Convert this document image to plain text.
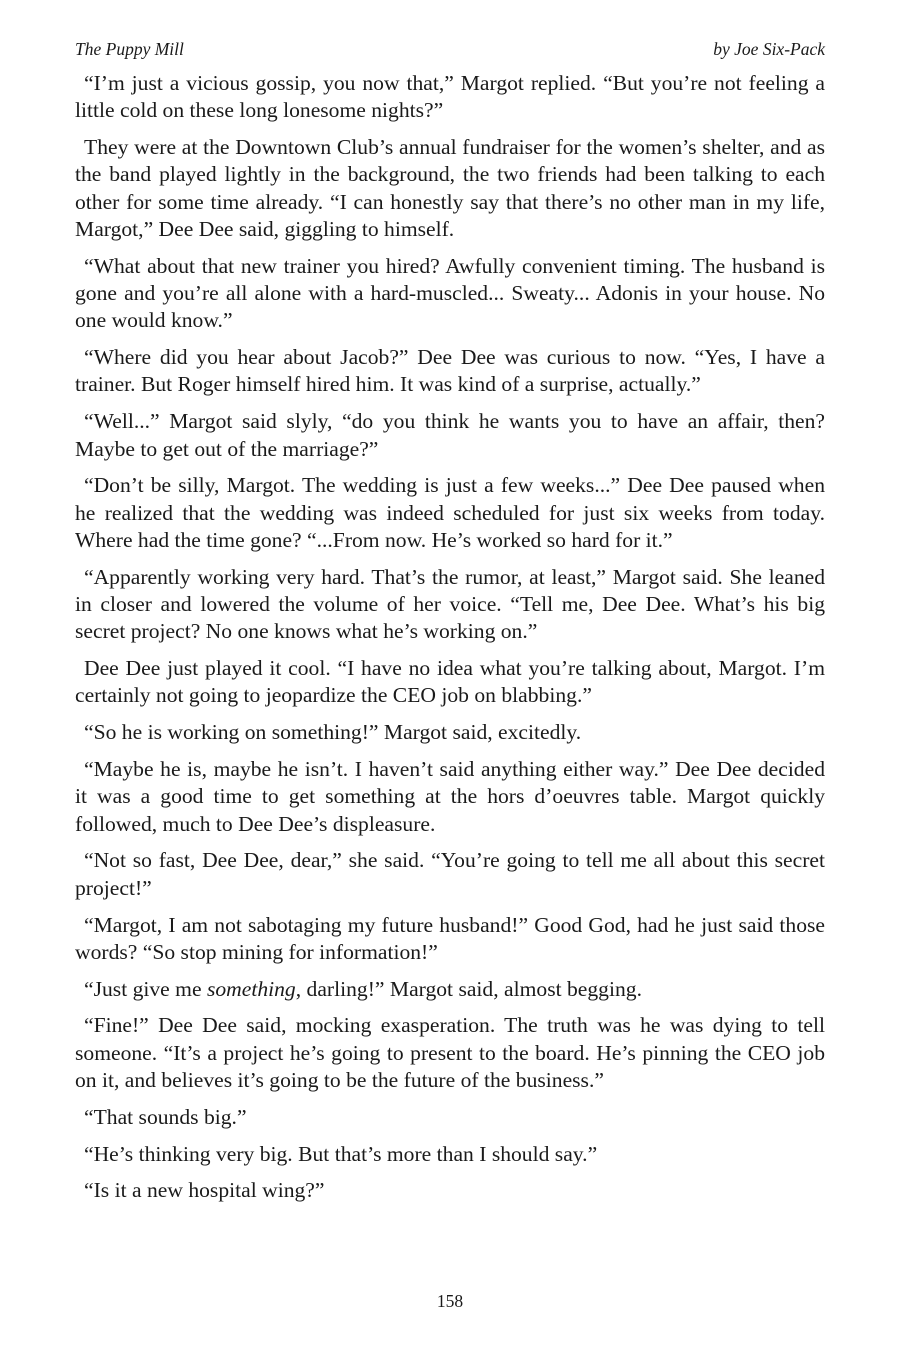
The Puppy Mill	by Joe Six-Pack

“I’m just a vicious gossip, you now that,” Margot replied. “But you’re not feeling a little cold on these long lonesome nights?”

They were at the Downtown Club’s annual fundraiser for the women’s shelter, and as the band played lightly in the background, the two friends had been talking to each other for some time already. “I can honestly say that there’s no other man in my life, Margot,” Dee Dee said, giggling to himself.

“What about that new trainer you hired? Awfully convenient timing. The husband is gone and you’re all alone with a hard-muscled... Sweaty... Adonis in your house. No one would know.”

“Where did you hear about Jacob?” Dee Dee was curious to now. “Yes, I have a trainer. But Roger himself hired him. It was kind of a surprise, actually.”

“Well...” Margot said slyly, “do you think he wants you to have an affair, then? Maybe to get out of the marriage?”

“Don’t be silly, Margot. The wedding is just a few weeks...” Dee Dee paused when he realized that the wedding was indeed scheduled for just six weeks from today. Where had the time gone? “...From now. He’s worked so hard for it.”

“Apparently working very hard. That’s the rumor, at least,” Margot said. She leaned in closer and lowered the volume of her voice. “Tell me, Dee Dee. What’s his big secret project? No one knows what he’s working on.”

Dee Dee just played it cool. “I have no idea what you’re talking about, Margot. I’m certainly not going to jeopardize the CEO job on blabbing.”

“So he is working on something!” Margot said, excitedly.

“Maybe he is, maybe he isn’t. I haven’t said anything either way.” Dee Dee decided it was a good time to get something at the hors d’oeuvres table. Margot quickly followed, much to Dee Dee’s displeasure.

“Not so fast, Dee Dee, dear,” she said. “You’re going to tell me all about this secret project!”

“Margot, I am not sabotaging my future husband!” Good God, had he just said those words? “So stop mining for information!”

“Just give me something, darling!” Margot said, almost begging.

“Fine!” Dee Dee said, mocking exasperation. The truth was he was dying to tell someone. “It’s a project he’s going to present to the board. He’s pinning the CEO job on it, and believes it’s going to be the future of the business.”

“That sounds big.”

“He’s thinking very big. But that’s more than I should say.”

“Is it a new hospital wing?”

158
